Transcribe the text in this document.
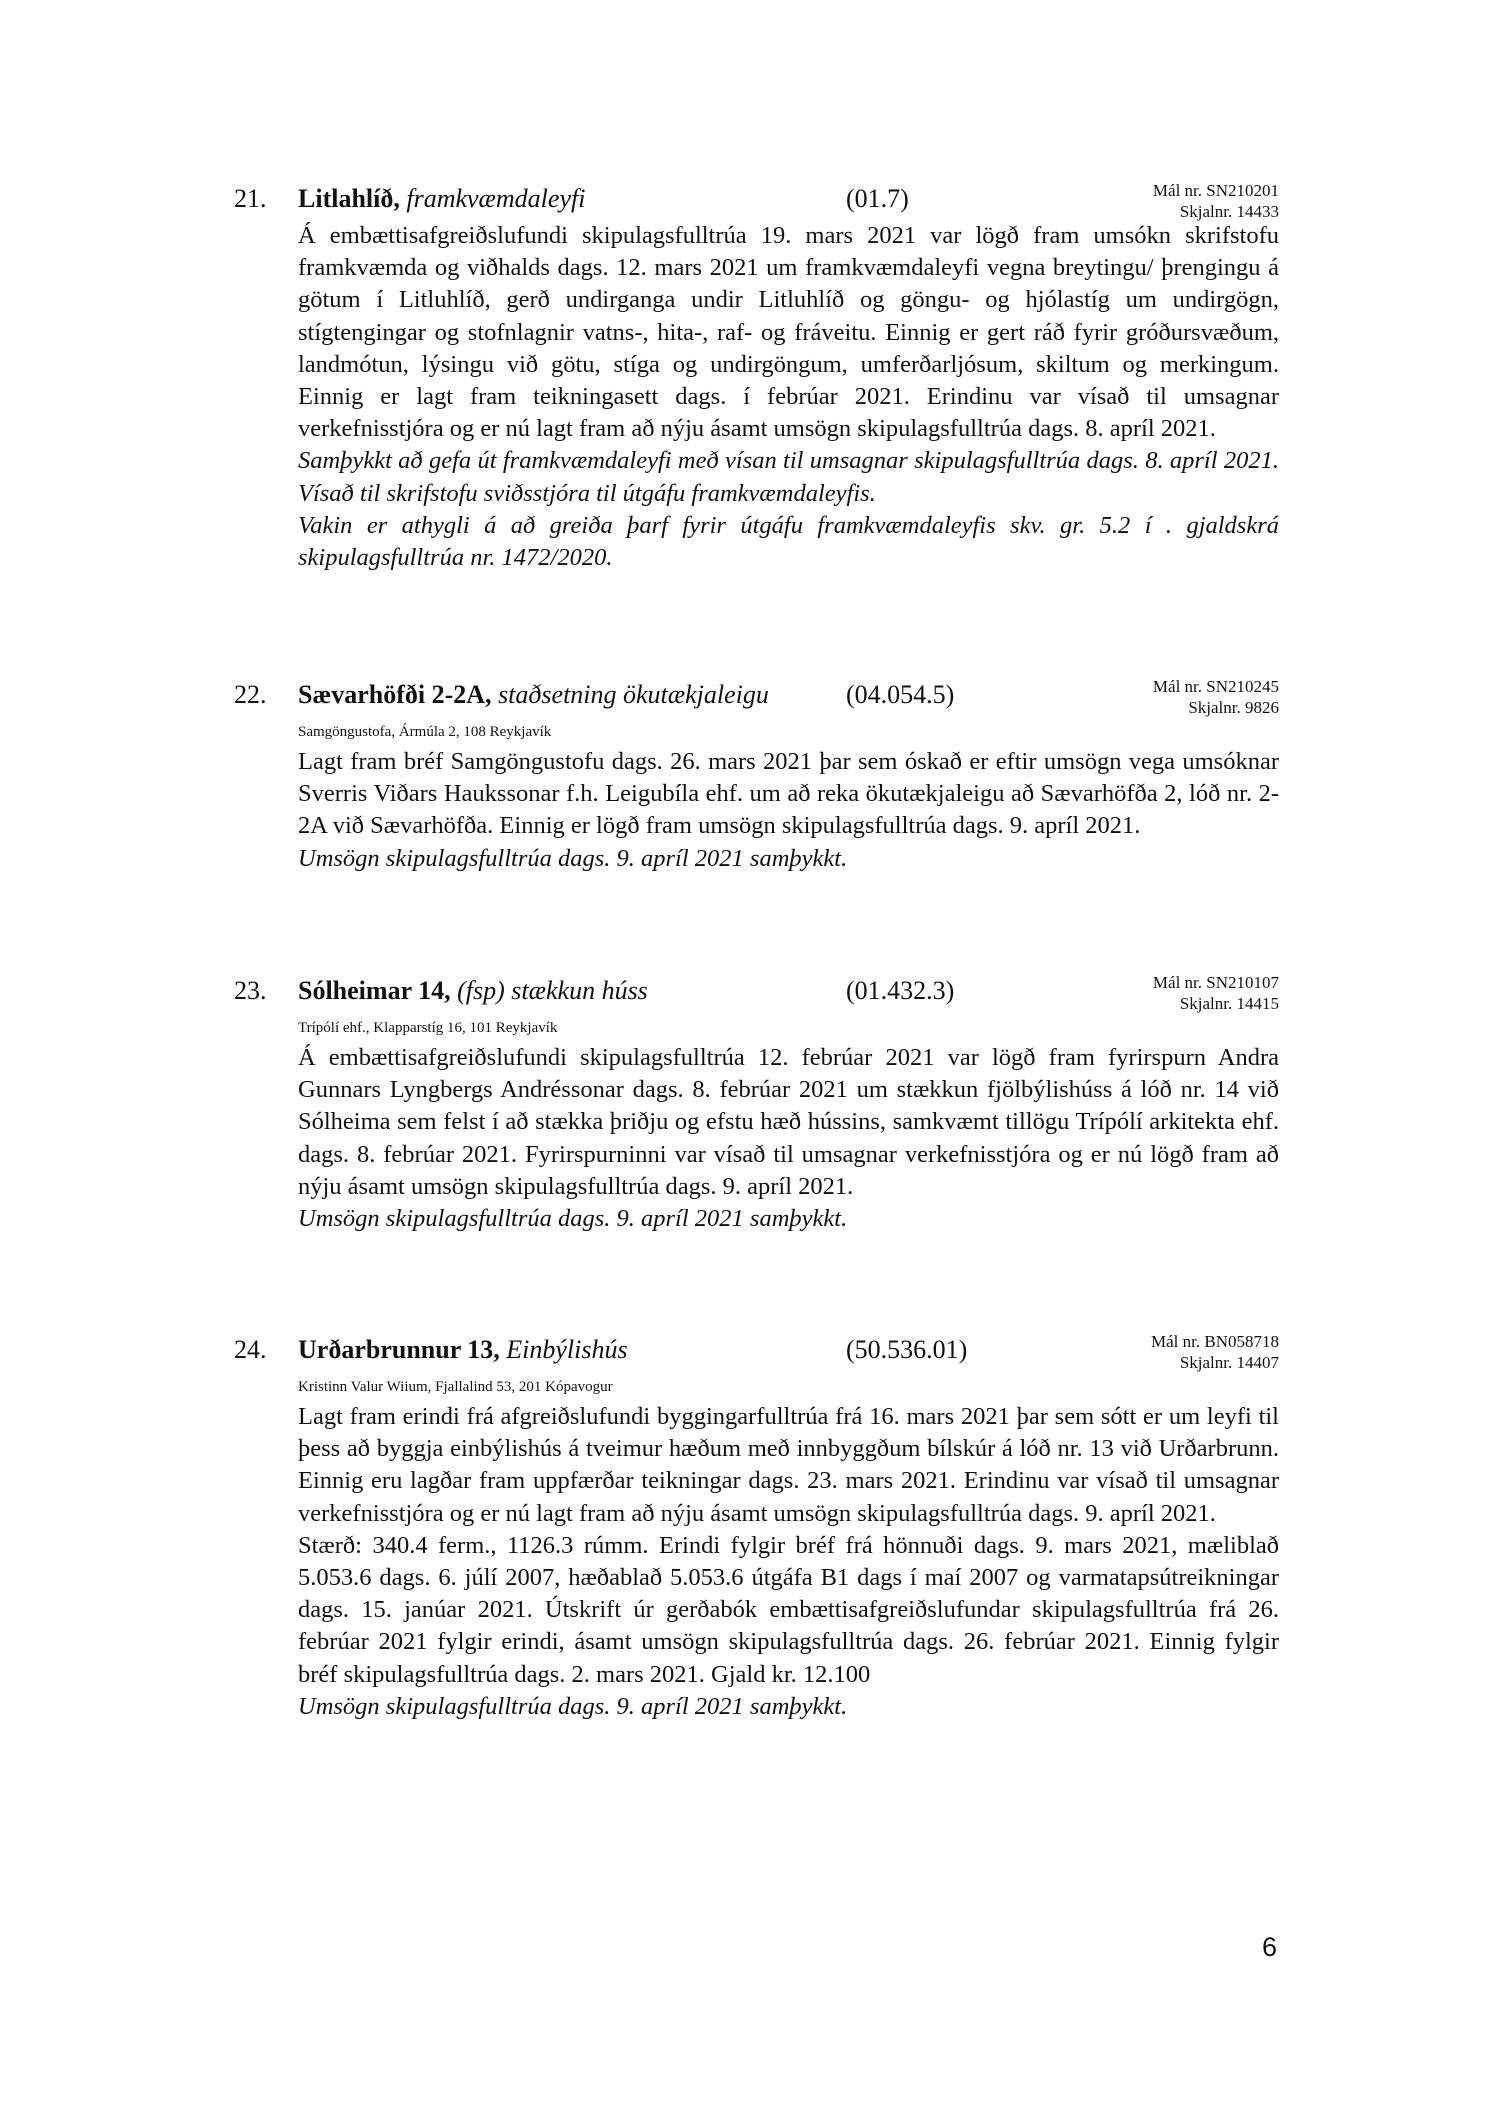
21. Litlahlíð, framkvæmdaleyfi	(01.7)	Mál nr. SN210201
Skjalnr. 14433

Á embættisafgreiðslufundi skipulagsfulltrúa 19. mars 2021 var lögð fram umsókn skrifstofu framkvæmda og viðhalds dags. 12. mars 2021 um framkvæmdaleyfi vegna breytingu/ þrengingu á götum í Litluhlíð, gerð undirganga undir Litluhlíð og göngu- og hjólastíg um undirgögn, stígtengingar og stofnlagnir vatns-, hita-, raf- og fráveitu. Einnig er gert ráð fyrir gróðursvæðum, landmótun, lýsingu við götu, stíga og undirgöngum, umferðarljósum, skiltum og merkingum. Einnig er lagt fram teikningasett dags. í febrúar 2021. Erindinu var vísað til umsagnar verkefnisstjóra og er nú lagt fram að nýju ásamt umsögn skipulagsfulltrúa dags. 8. apríl 2021.

Samþykkt að gefa út framkvæmdaleyfi með vísan til umsagnar skipulagsfulltrúa dags. 8. apríl 2021. Vísað til skrifstofu sviðsstjóra til útgáfu framkvæmdaleyfis.

Vakin er athygli á að greiða þarf fyrir útgáfu framkvæmdaleyfis skv. gr. 5.2 í . gjaldskrá skipulagsfulltrúa nr. 1472/2020.

22. Sævarhöfði 2-2A, staðsetning ökutækjaleigu	(04.054.5)	Mál nr. SN210245
Skjalnr. 9826
Samgöngustofa, Ármúla 2, 108 Reykjavík

Lagt fram bréf Samgöngustofu dags. 26. mars 2021 þar sem óskað er eftir umsögn vega umsóknar Sverris Viðars Haukssonar f.h. Leigubíla ehf. um að reka ökutækjaleigu að Sævarhöfða 2, lóð nr. 2-2A við Sævarhöfða. Einnig er lögð fram umsögn skipulagsfulltrúa dags. 9. apríl 2021.

Umsögn skipulagsfulltrúa dags. 9. apríl 2021 samþykkt.

23. Sólheimar 14, (fsp) stækkun húss	(01.432.3)	Mál nr. SN210107
Skjalnr. 14415
Trípólí ehf., Klapparstíg 16, 101 Reykjavík

Á embættisafgreiðslufundi skipulagsfulltrúa 12. febrúar 2021 var lögð fram fyrirspurn Andra Gunnars Lyngbergs Andréssonar dags. 8. febrúar 2021 um stækkun fjölbýlishúss á lóð nr. 14 við Sólheima sem felst í að stækka þriðju og efstu hæð hússins, samkvæmt tillögu Trípólí arkitekta ehf. dags. 8. febrúar 2021. Fyrirspurninni var vísað til umsagnar verkefnisstjóra og er nú lögð fram að nýju ásamt umsögn skipulagsfulltrúa dags. 9. apríl 2021.

Umsögn skipulagsfulltrúa dags. 9. apríl 2021 samþykkt.

24. Urðarbrunnur 13, Einbýlishús	(50.536.01)	Mál nr. BN058718
Skjalnr. 14407
Kristinn Valur Wiium, Fjallalind 53, 201 Kópavogur

Lagt fram erindi frá afgreiðslufundi byggingarfulltrúa frá 16. mars 2021 þar sem sótt er um leyfi til þess að byggja einbýlishús á tveimur hæðum með innbyggðum bílskúr á lóð nr. 13 við Urðarbrunn. Einnig eru lagðar fram uppfærðar teikningar dags. 23. mars 2021. Erindinu var vísað til umsagnar verkefnisstjóra og er nú lagt fram að nýju ásamt umsögn skipulagsfulltrúa dags. 9. apríl 2021.

Stærð: 340.4 ferm., 1126.3 rúmm. Erindi fylgir bréf frá hönnuði dags. 9. mars 2021, mæliblað 5.053.6 dags. 6. júlí 2007, hæðablað 5.053.6 útgáfa B1 dags í maí 2007 og varmatapsútreikningar dags. 15. janúar 2021. Útskrift úr gerðabók embættisafgreiðslufundar skipulagsfulltrúa frá 26. febrúar 2021 fylgir erindi, ásamt umsögn skipulagsfulltrúa dags. 26. febrúar 2021. Einnig fylgir bréf skipulagsfulltrúa dags. 2. mars 2021. Gjald kr. 12.100

Umsögn skipulagsfulltrúa dags. 9. apríl 2021 samþykkt.

6
